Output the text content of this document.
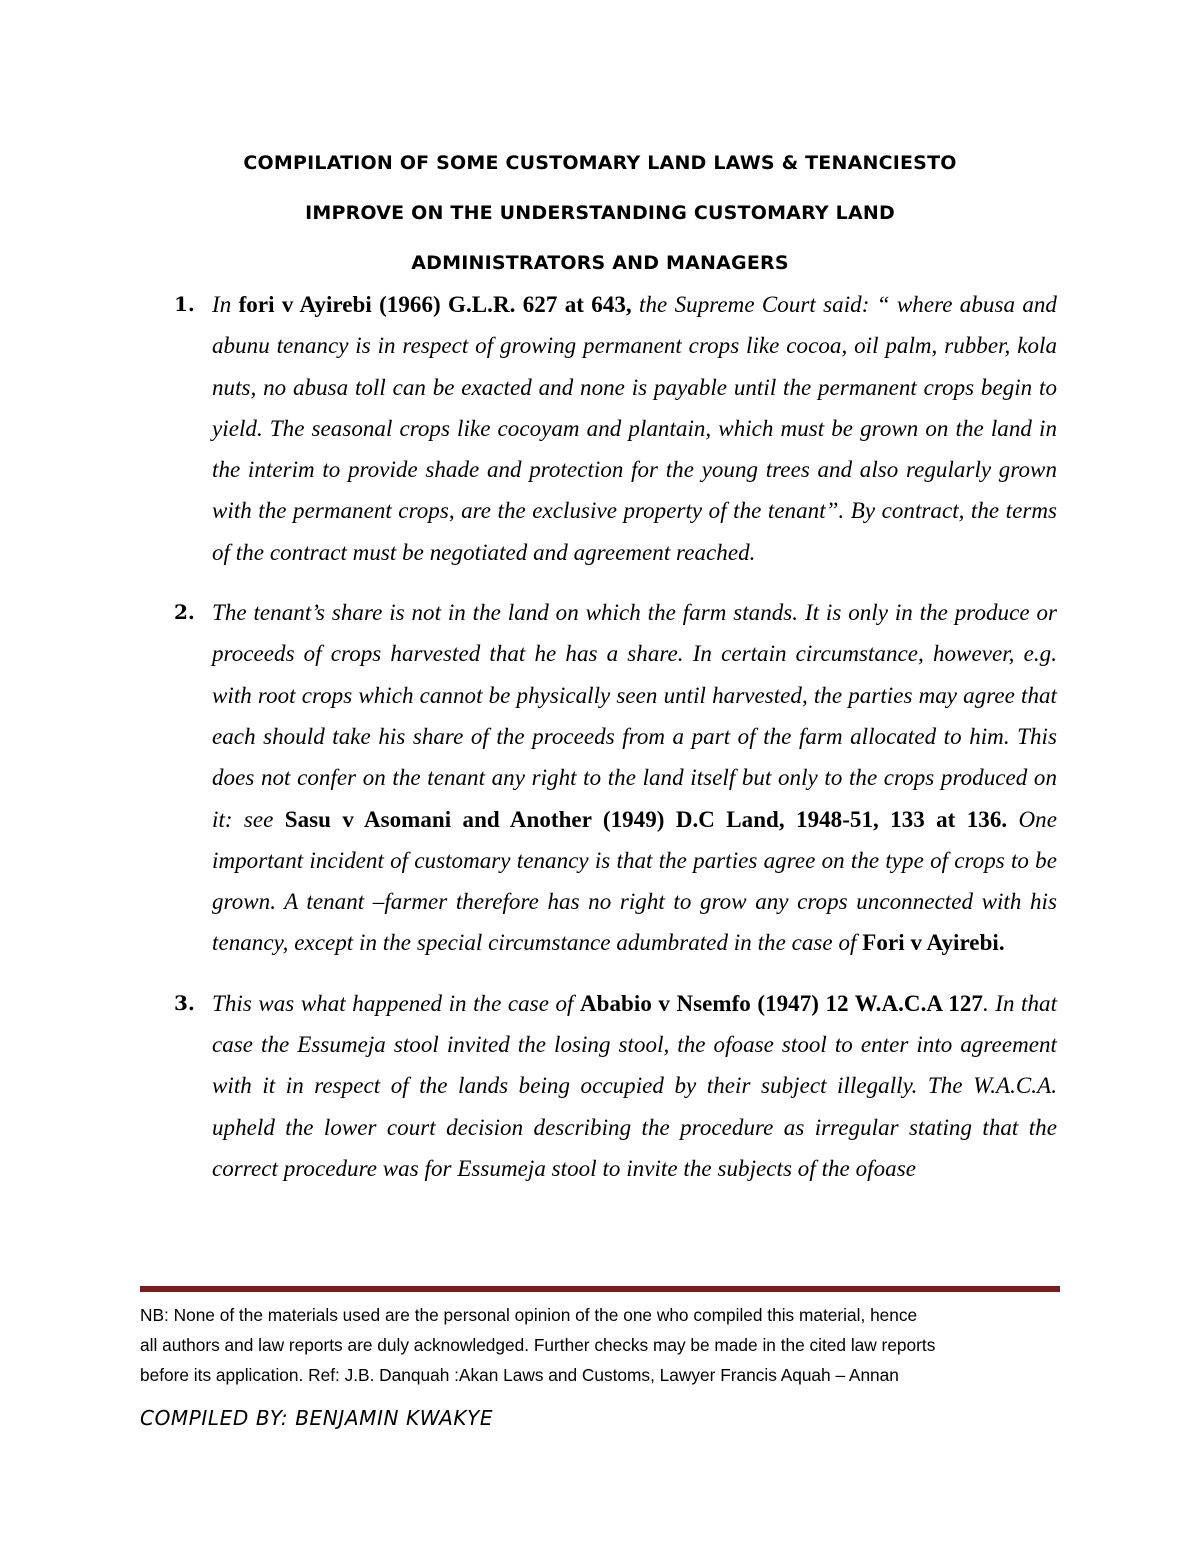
COMPILATION OF SOME CUSTOMARY LAND LAWS & TENANCIESTO
IMPROVE ON THE UNDERSTANDING CUSTOMARY LAND
ADMINISTRATORS AND MANAGERS
1. In fori v Ayirebi (1966) G.L.R. 627 at 643, the Supreme Court said: “ where abusa and abunu tenancy is in respect of growing permanent crops like cocoa, oil palm, rubber, kola nuts, no abusa toll can be exacted and none is payable until the permanent crops begin to yield. The seasonal crops like cocoyam and plantain, which must be grown on the land in the interim to provide shade and protection for the young trees and also regularly grown with the permanent crops, are the exclusive property of the tenant”. By contract, the terms of the contract must be negotiated and agreement reached.

2. The tenant’s share is not in the land on which the farm stands. It is only in the produce or proceeds of crops harvested that he has a share. In certain circumstance, however, e.g. with root crops which cannot be physically seen until harvested, the parties may agree that each should take his share of the proceeds from a part of the farm allocated to him. This does not confer on the tenant any right to the land itself but only to the crops produced on it: see Sasu v Asomani and Another (1949) D.C Land, 1948-51, 133 at 136. One important incident of customary tenancy is that the parties agree on the type of crops to be grown. A tenant –farmer therefore has no right to grow any crops unconnected with his tenancy, except in the special circumstance adumbrated in the case of Fori v Ayirebi.

3. This was what happened in the case of Ababio v Nsemfo (1947) 12 W.A.C.A 127. In that case the Essumeja stool invited the losing stool, the ofoase stool to enter into agreement with it in respect of the lands being occupied by their subject illegally. The W.A.C.A. upheld the lower court decision describing the procedure as irregular stating that the correct procedure was for Essumeja stool to invite the subjects of the ofoase

NB: None of the materials used are the personal opinion of the one who compiled this material, hence
all authors and law reports are duly acknowledged. Further checks may be made in the cited law reports
before its application. Ref: J.B. Danquah :Akan Laws and Customs, Lawyer Francis Aquah – Annan
COMPILED BY: BENJAMIN KWAKYE
